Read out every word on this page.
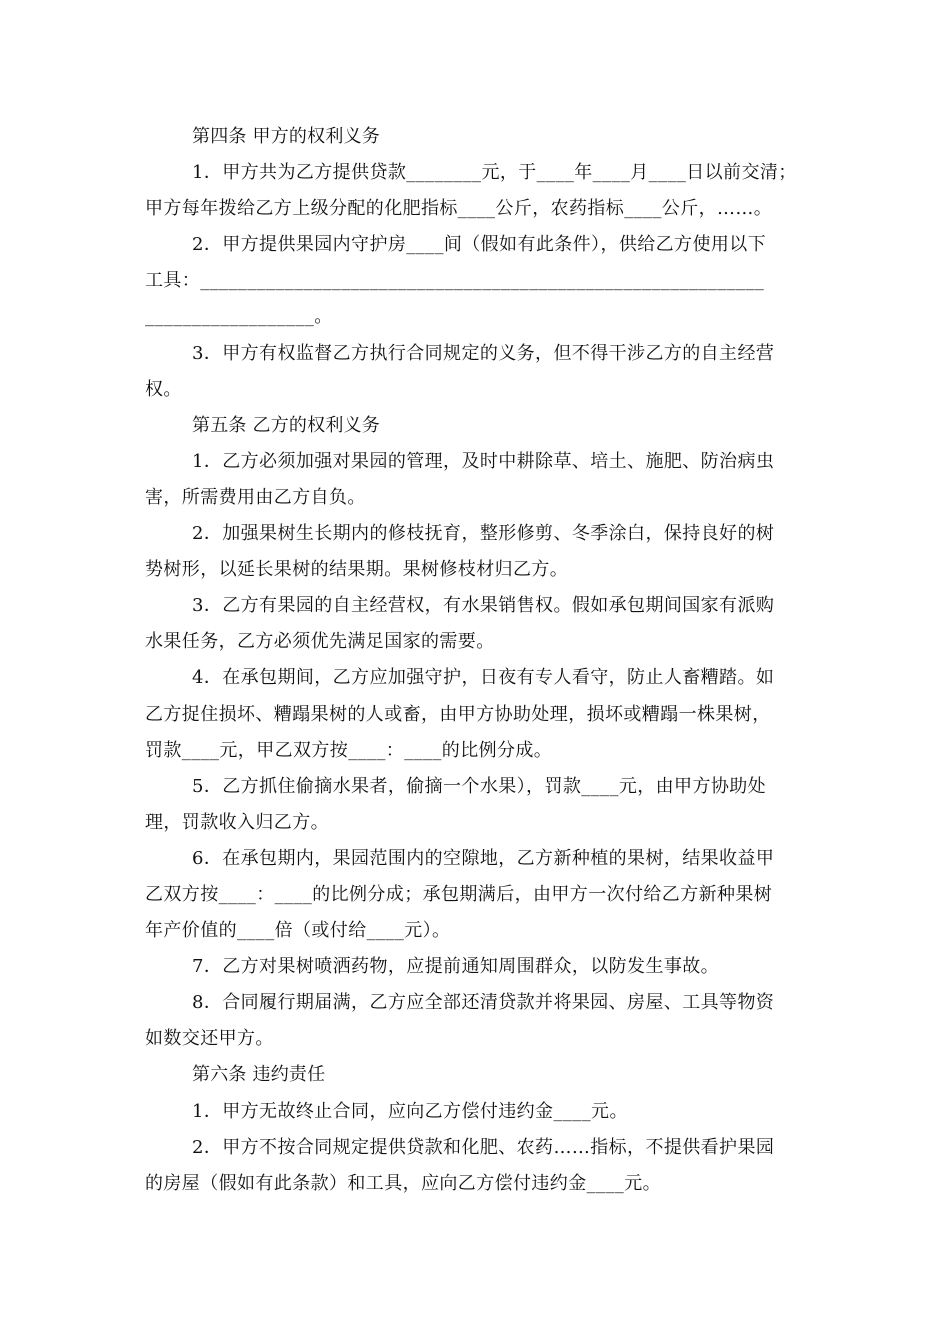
第四条 甲方的权利义务
1．甲方共为乙方提供贷款________元，于____年____月____日以前交清；
甲方每年拨给乙方上级分配的化肥指标____公斤，农药指标____公斤，……。
2．甲方提供果园内守护房____间（假如有此条件），供给乙方使用以下
工具：____________________________________________________________
__________________。
3．甲方有权监督乙方执行合同规定的义务，但不得干涉乙方的自主经营
权。
第五条 乙方的权利义务
1．乙方必须加强对果园的管理，及时中耕除草、培土、施肥、防治病虫
害，所需费用由乙方自负。
2．加强果树生长期内的修枝抚育，整形修剪、冬季涂白，保持良好的树
势树形，以延长果树的结果期。果树修枝材归乙方。
3．乙方有果园的自主经营权，有水果销售权。假如承包期间国家有派购
水果任务，乙方必须优先满足国家的需要。
4．在承包期间，乙方应加强守护，日夜有专人看守，防止人畜糟踏。如
乙方捉住损坏、糟蹋果树的人或畜，由甲方协助处理，损坏或糟蹋一株果树，
罚款____元，甲乙双方按____：____的比例分成。
5．乙方抓住偷摘水果者，偷摘一个水果），罚款____元，由甲方协助处
理，罚款收入归乙方。
6．在承包期内，果园范围内的空隙地，乙方新种植的果树，结果收益甲
乙双方按____：____的比例分成；承包期满后，由甲方一次付给乙方新种果树
年产价值的____倍（或付给____元）。
7．乙方对果树喷洒药物，应提前通知周围群众，以防发生事故。
8．合同履行期届满，乙方应全部还清贷款并将果园、房屋、工具等物资
如数交还甲方。
第六条 违约责任
1．甲方无故终止合同，应向乙方偿付违约金____元。
2．甲方不按合同规定提供贷款和化肥、农药……指标，不提供看护果园
的房屋（假如有此条款）和工具，应向乙方偿付违约金____元。
